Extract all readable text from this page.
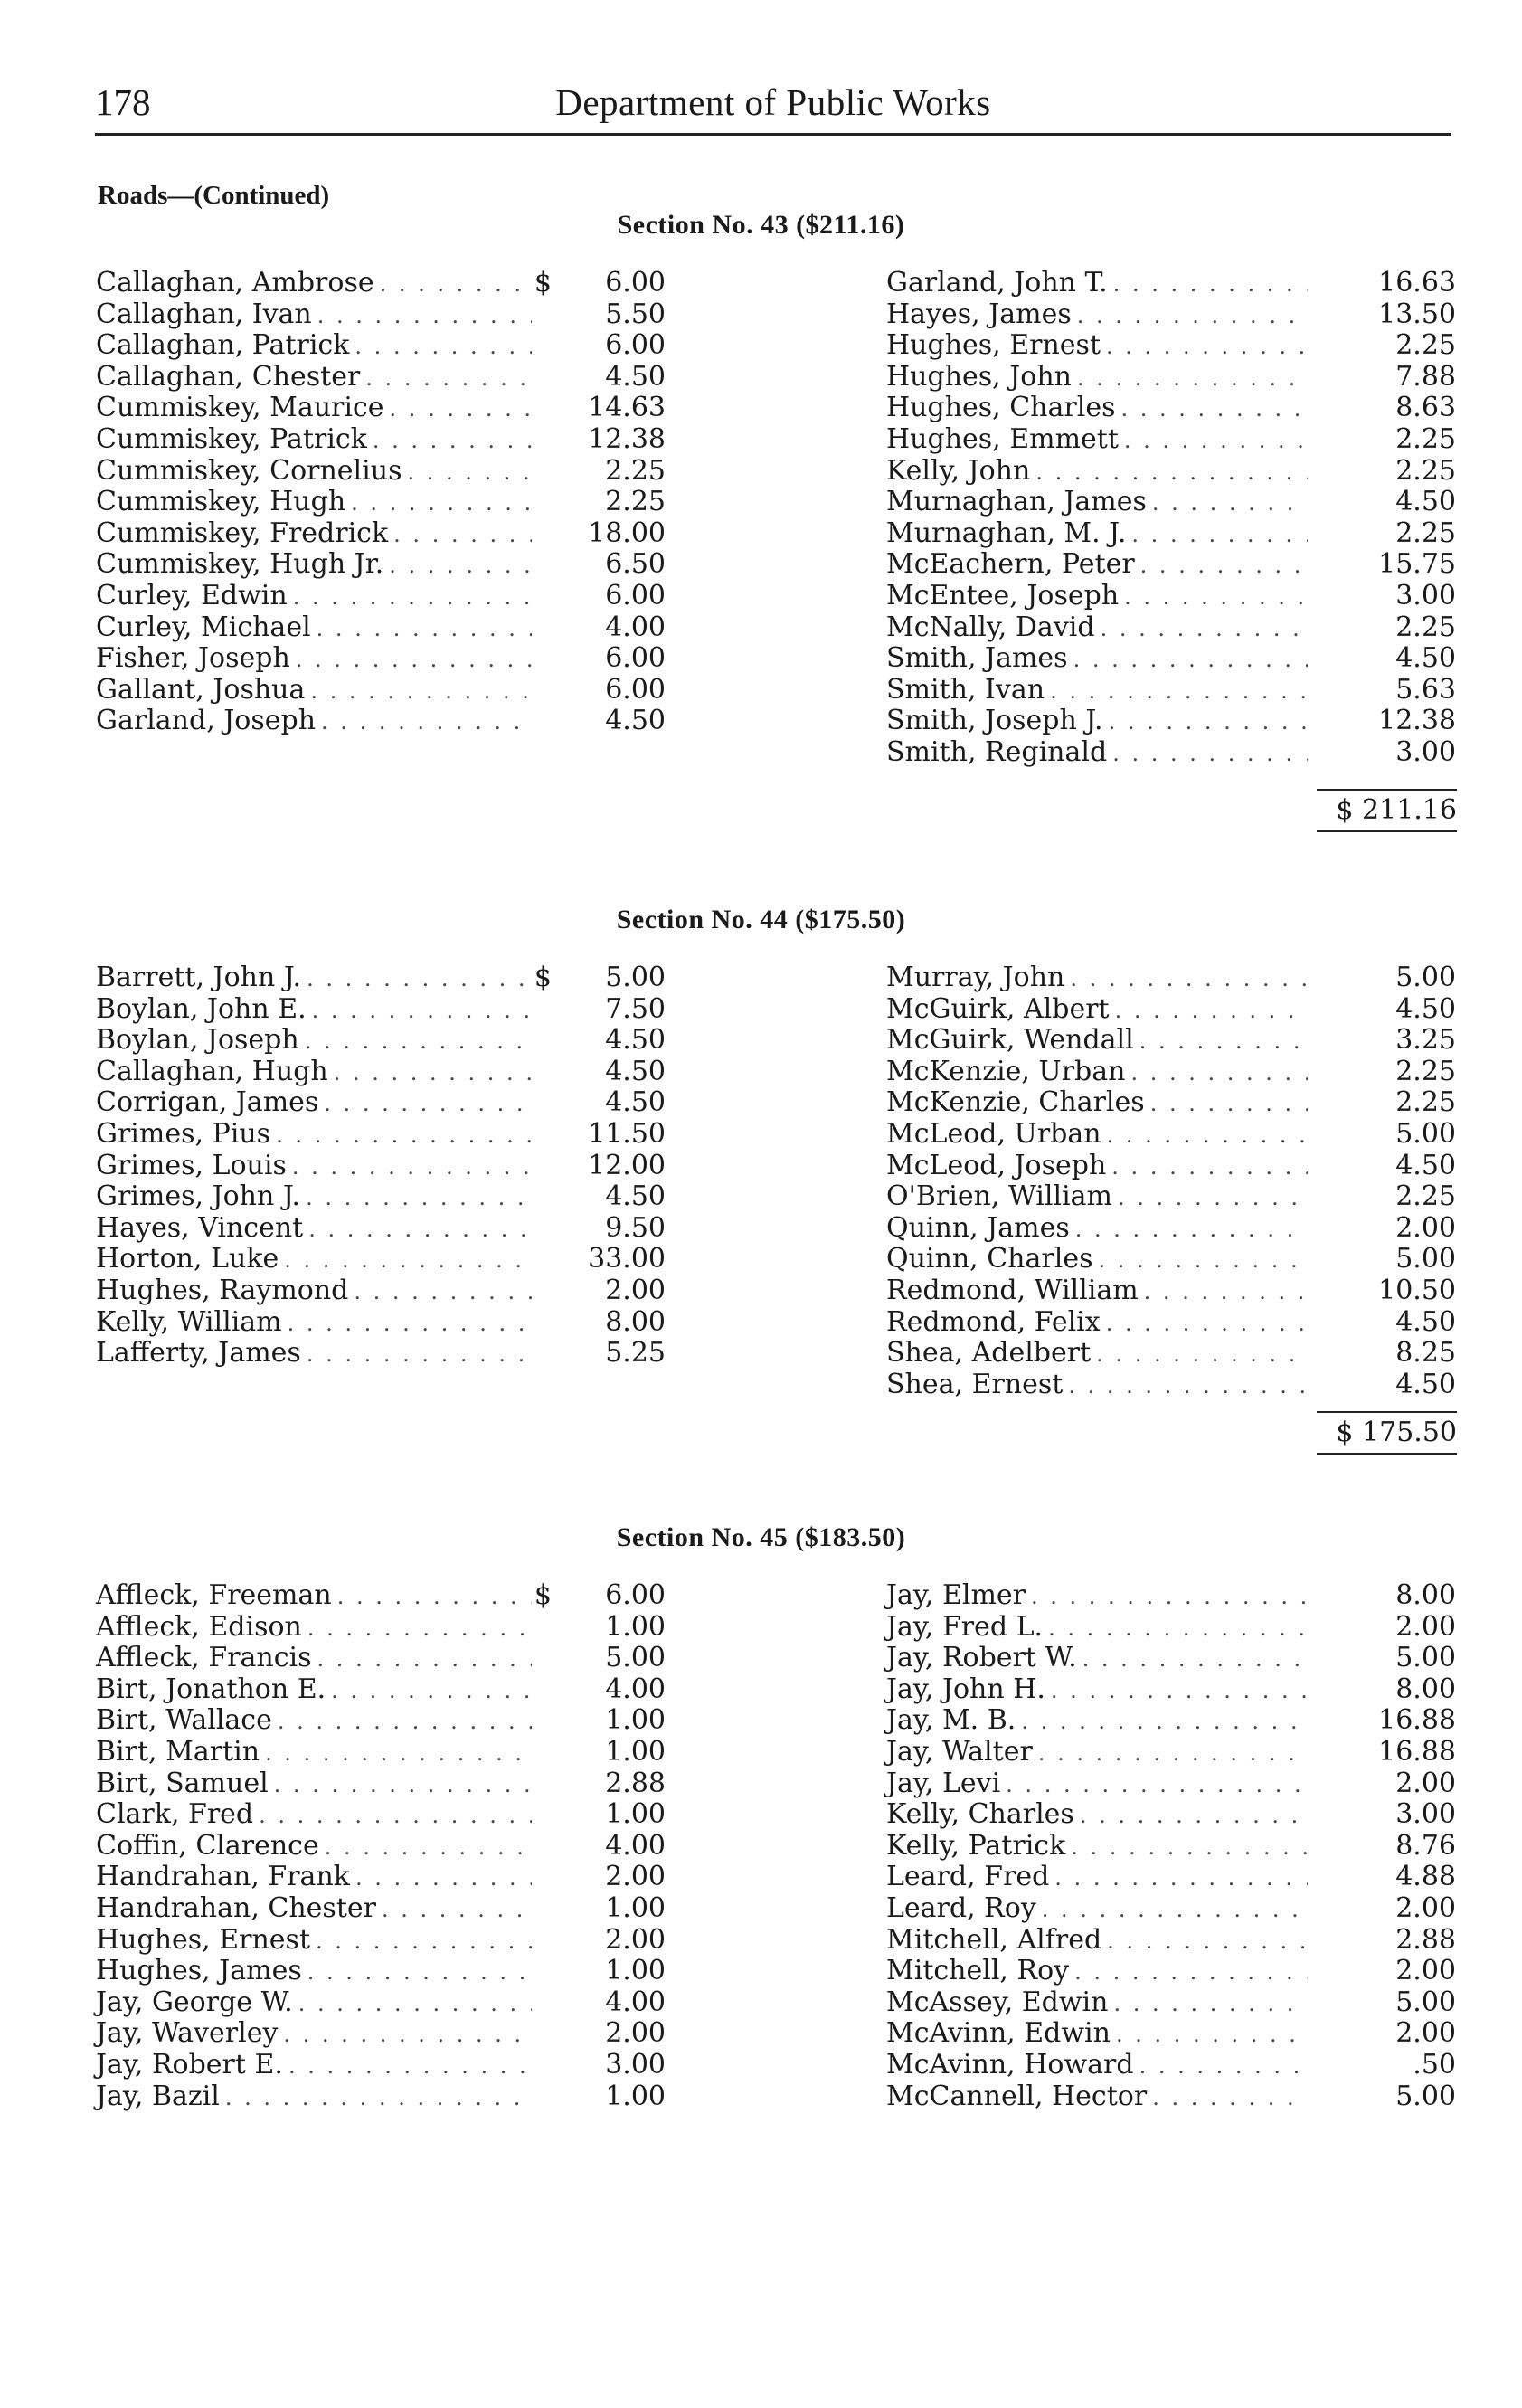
178	Department of Public Works
Roads—(Continued)
Section No. 43 ($211.16)
Callaghan, Ambrose . . .	$	6.00
Callaghan, Ivan . . .	5.50
Callaghan, Patrick . . .	6.00
Callaghan, Chester . . .	4.50
Cummiskey, Maurice . . .	14.63
Cummiskey, Patrick . . .	12.38
Cummiskey, Cornelius . . .	2.25
Cummiskey, Hugh . . .	2.25
Cummiskey, Fredrick . . .	18.00
Cummiskey, Hugh Jr. . . .	6.50
Curley, Edwin . . .	6.00
Curley, Michael . . .	4.00
Fisher, Joseph . . .	6.00
Gallant, Joshua . . .	6.00
Garland, Joseph . . .	4.50
Garland, John T. . . .	16.63
Hayes, James . . .	13.50
Hughes, Ernest . . .	2.25
Hughes, John . . .	7.88
Hughes, Charles . . .	8.63
Hughes, Emmett . . .	2.25
Kelly, John . . .	2.25
Murnaghan, James . . .	4.50
Murnaghan, M. J. . . .	2.25
McEachern, Peter . . .	15.75
McEntee, Joseph . . .	3.00
McNally, David . . .	2.25
Smith, James . . .	4.50
Smith, Ivan . . .	5.63
Smith, Joseph J. . . .	12.38
Smith, Reginald . . .	3.00
$ 211.16
Section No. 44 ($175.50)
Barrett, John J. . . .	$	5.00
Boylan, John E. . . .	7.50
Boylan, Joseph . . .	4.50
Callaghan, Hugh . . .	4.50
Corrigan, James . . .	4.50
Grimes, Pius . . .	11.50
Grimes, Louis . . .	12.00
Grimes, John J. . . .	4.50
Hayes, Vincent . . .	9.50
Horton, Luke . . .	33.00
Hughes, Raymond . . .	2.00
Kelly, William . . .	8.00
Lafferty, James . . .	5.25
Murray, John . . .	5.00
McGuirk, Albert . . .	4.50
McGuirk, Wendall . . .	3.25
McKenzie, Urban . . .	2.25
McKenzie, Charles . . .	2.25
McLeod, Urban . . .	5.00
McLeod, Joseph . . .	4.50
O'Brien, William . . .	2.25
Quinn, James . . .	2.00
Quinn, Charles . . .	5.00
Redmond, William . . .	10.50
Redmond, Felix . . .	4.50
Shea, Adelbert . . .	8.25
Shea, Ernest . . .	4.50
$ 175.50
Section No. 45 ($183.50)
Affleck, Freeman . . .	$	6.00
Affleck, Edison . . .	1.00
Affleck, Francis . . .	5.00
Birt, Jonathon E. . . .	4.00
Birt, Wallace . . .	1.00
Birt, Martin . . .	1.00
Birt, Samuel . . .	2.88
Clark, Fred . . .	1.00
Coffin, Clarence . . .	4.00
Handrahan, Frank . . .	2.00
Handrahan, Chester . . .	1.00
Hughes, Ernest . . .	2.00
Hughes, James . . .	1.00
Jay, George W. . . .	4.00
Jay, Waverley . . .	2.00
Jay, Robert E. . . .	3.00
Jay, Bazil . . .	1.00
Jay, Elmer . . .	8.00
Jay, Fred L. . . .	2.00
Jay, Robert W. . . .	5.00
Jay, John H. . . .	8.00
Jay, M. B. . . .	16.88
Jay, Walter . . .	16.88
Jay, Levi . . .	2.00
Kelly, Charles . . .	3.00
Kelly, Patrick . . .	8.76
Leard, Fred . . .	4.88
Leard, Roy . . .	2.00
Mitchell, Alfred . . .	2.88
Mitchell, Roy . . .	2.00
McAssey, Edwin . . .	5.00
McAvinn, Edwin . . .	2.00
McAvinn, Howard . . .	.50
McCannell, Hector . . .	5.00
